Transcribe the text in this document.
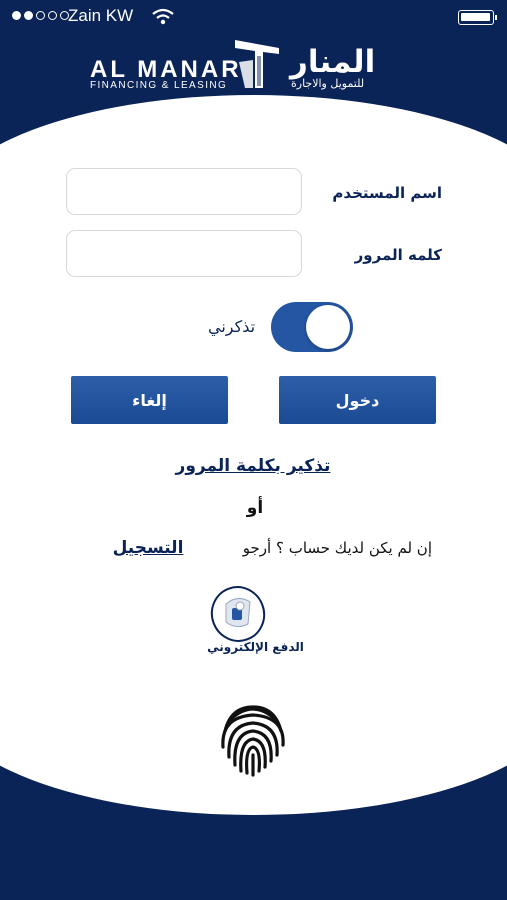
Zain KW
AL MANAR
FINANCING & LEASING
المنار
للتمويل والاجارة
اسم المستخدم
كلمه المرور
تذكرني
إلغاء	دخول
تذكير بكلمة المرور
أو
إن لم يكن لديك حساب ؟ أرجو
التسجيل
الدفع الإلكتروني
